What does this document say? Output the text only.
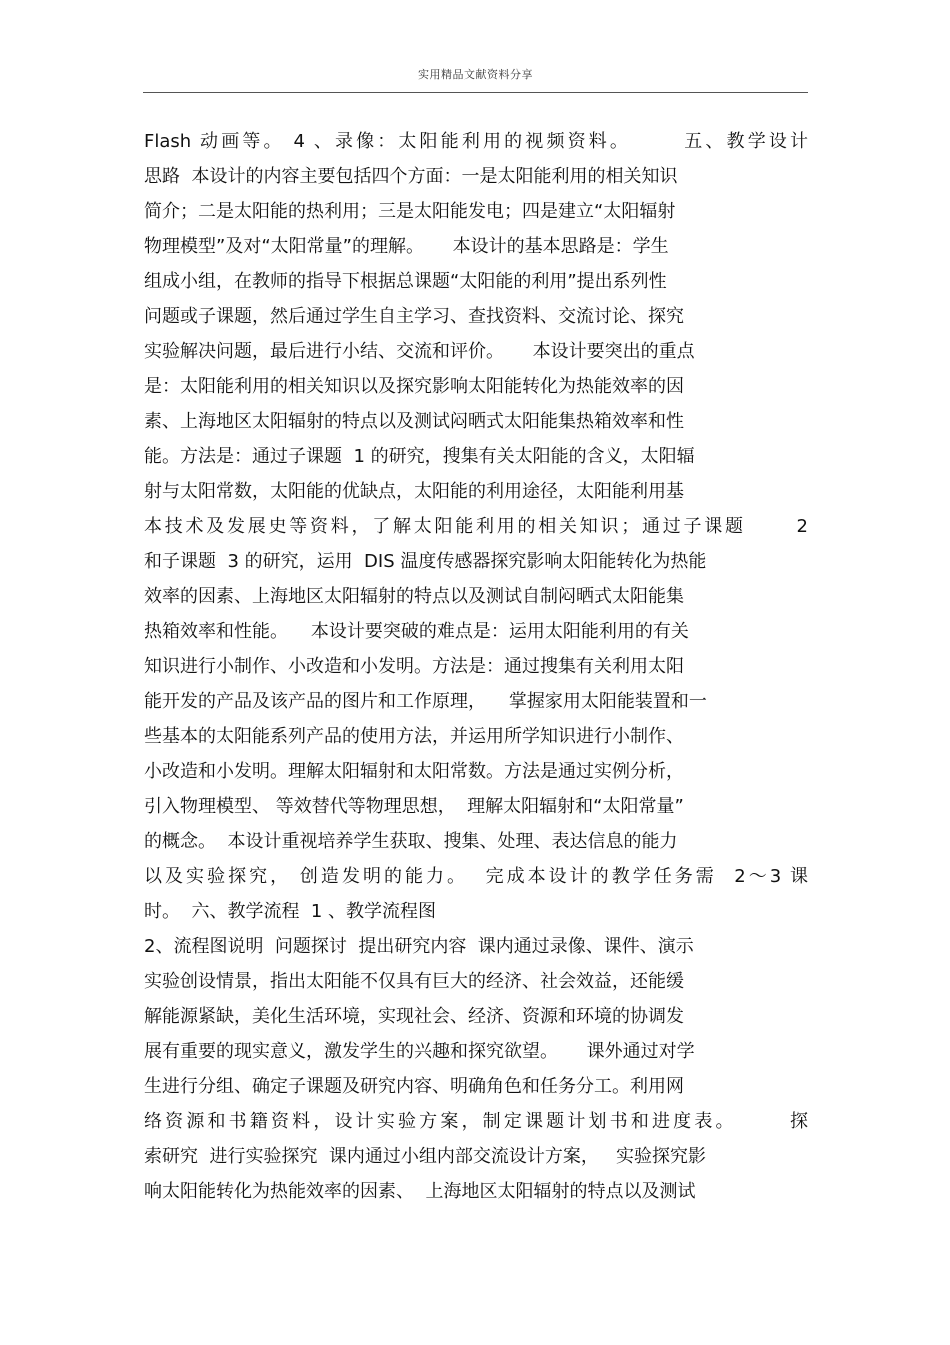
实用精品文献资料分享
Flash 动画等。 4 、录像：太阳能利用的视频资料。      五、教学设计
思路  本设计的内容主要包括四个方面：一是太阳能利用的相关知识
简介；二是太阳能的热利用；三是太阳能发电；四是建立“太阳辐射
物理模型”及对“太阳常量”的理解。     本设计的基本思路是：学生
组成小组，在教师的指导下根据总课题“太阳能的利用”提出系列性
问题或子课题，然后通过学生自主学习、查找资料、交流讨论、探究
实验解决问题，最后进行小结、交流和评价。     本设计要突出的重点
是：太阳能利用的相关知识以及探究影响太阳能转化为热能效率的因
素、上海地区太阳辐射的特点以及测试闷晒式太阳能集热箱效率和性
能。方法是：通过子课题  1 的研究，搜集有关太阳能的含义，太阳辐
射与太阳常数，太阳能的优缺点，太阳能的利用途径，太阳能利用基
本技术及发展史等资料，了解太阳能利用的相关知识；通过子课题      2
和子课题  3 的研究，运用  DIS 温度传感器探究影响太阳能转化为热能
效率的因素、上海地区太阳辐射的特点以及测试自制闷晒式太阳能集
热箱效率和性能。    本设计要突破的难点是：运用太阳能利用的有关
知识进行小制作、小改造和小发明。方法是：通过搜集有关利用太阳
能开发的产品及该产品的图片和工作原理，    掌握家用太阳能装置和一
些基本的太阳能系列产品的使用方法，并运用所学知识进行小制作、
小改造和小发明。理解太阳辐射和太阳常数。方法是通过实例分析，
引入物理模型、 等效替代等物理思想，  理解太阳辐射和“太阳常量”
的概念。  本设计重视培养学生获取、搜集、处理、表达信息的能力
以及实验探究， 创造发明的能力。  完成本设计的教学任务需  2～3 课
时。  六、教学流程  1 、教学流程图
2、流程图说明  问题探讨  提出研究内容  课内通过录像、课件、演示
实验创设情景，指出太阳能不仅具有巨大的经济、社会效益，还能缓
解能源紧缺，美化生活环境，实现社会、经济、资源和环境的协调发
展有重要的现实意义，激发学生的兴趣和探究欲望。     课外通过对学
生进行分组、确定子课题及研究内容、明确角色和任务分工。利用网
络资源和书籍资料，设计实验方案，制定课题计划书和进度表。      探
索研究  进行实验探究  课内通过小组内部交流设计方案，   实验探究影
响太阳能转化为热能效率的因素、  上海地区太阳辐射的特点以及测试
